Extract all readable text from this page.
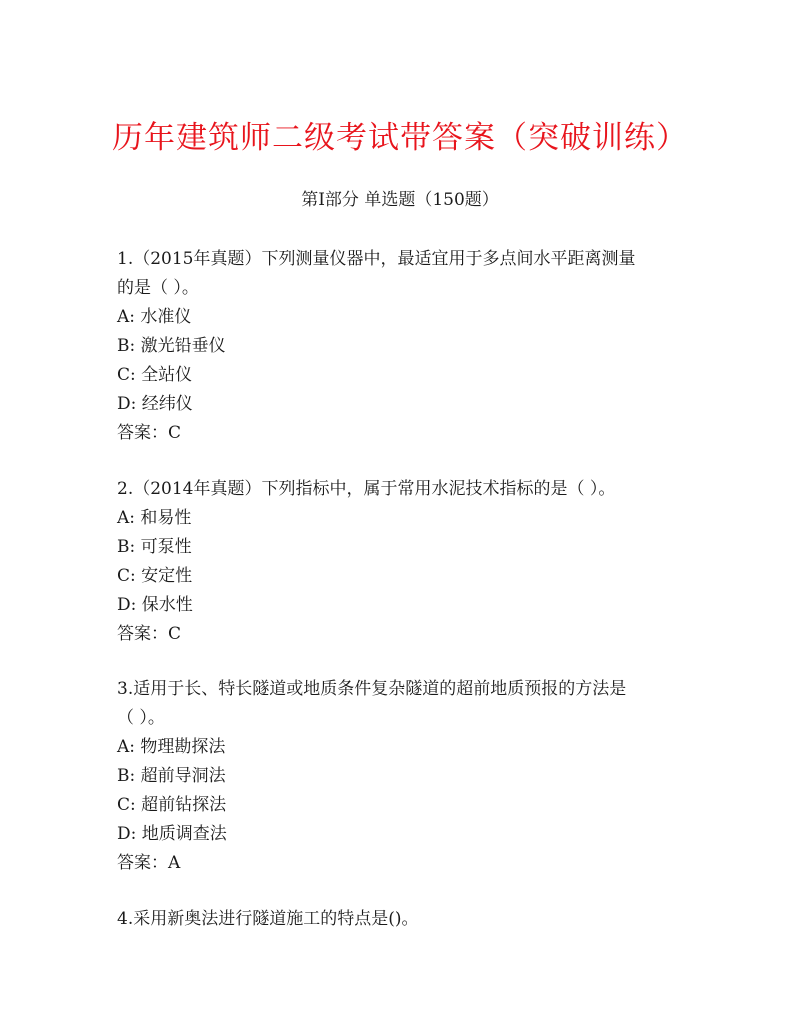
历年建筑师二级考试带答案（突破训练）
第Ⅰ部分 单选题（150题）

1.（2015年真题）下列测量仪器中，最适宜用于多点间水平距离测量

的是（ ）。

A: 水准仪

B: 激光铅垂仪

C: 全站仪

D: 经纬仪

答案：C

2.（2014年真题）下列指标中，属于常用水泥技术指标的是（ ）。

A: 和易性

B: 可泵性

C: 安定性

D: 保水性

答案：C

3.适用于长、特长隧道或地质条件复杂隧道的超前地质预报的方法是

（ ）。

A: 物理勘探法

B: 超前导洞法

C: 超前钻探法

D: 地质调查法

答案：A

4.采用新奥法进行隧道施工的特点是()。
